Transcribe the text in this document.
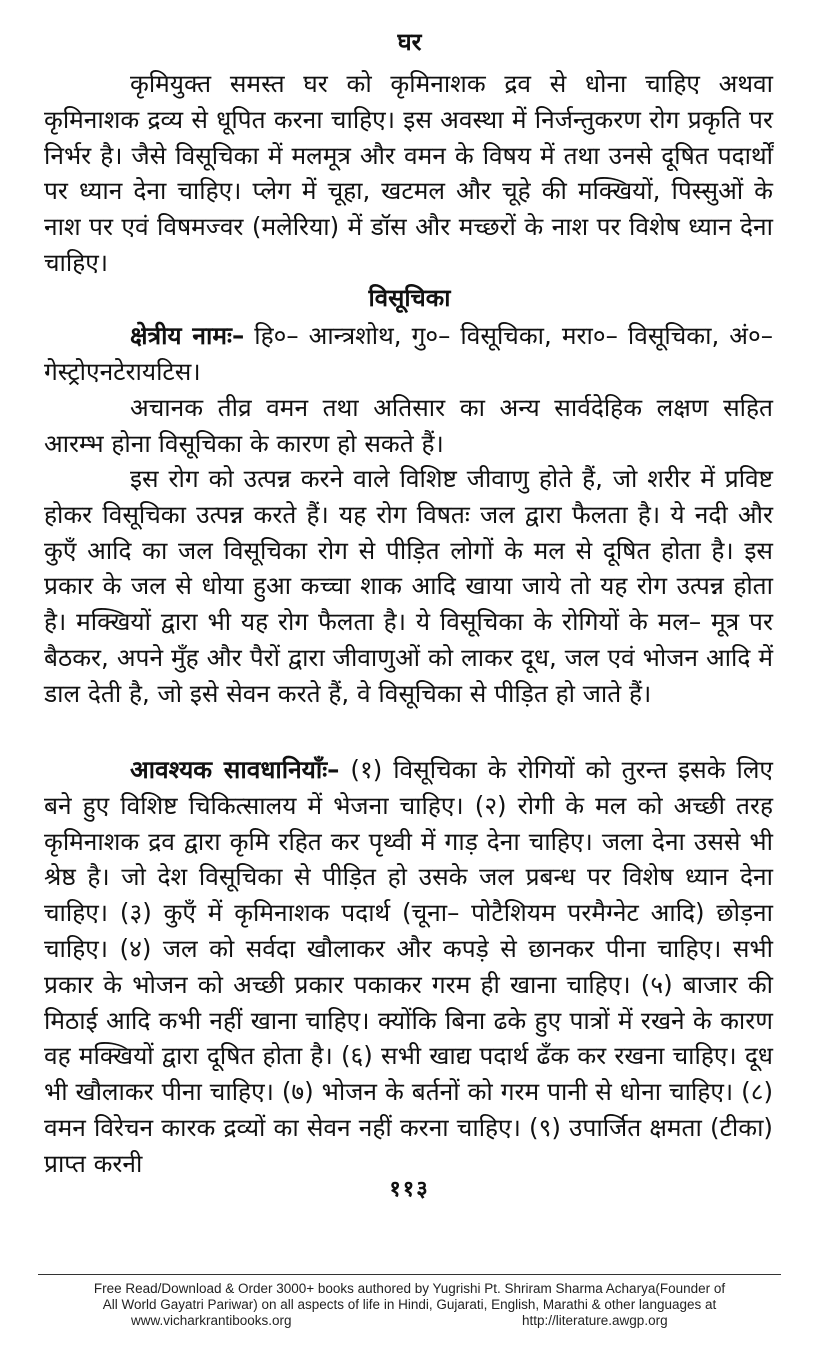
घर

कृमियुक्त समस्त घर को कृमिनाशक द्रव से धोना चाहिए अथवा कृमिनाशक द्रव्य से धूपित करना चाहिए। इस अवस्था में निर्जन्तुकरण रोग प्रकृति पर निर्भर है। जैसे विसूचिका में मलमूत्र और वमन के विषय में तथा उनसे दूषित पदार्थों पर ध्यान देना चाहिए। प्लेग में चूहा, खटमल और चूहे की मक्खियों, पिस्सुओं के नाश पर एवं विषमज्वर (मलेरिया) में डॉस और मच्छरों के नाश पर विशेष ध्यान देना चाहिए।

विसूचिका

क्षेत्रीय नामः– हि०– आन्त्रशोथ, गु०– विसूचिका, मरा०– विसूचिका, अं०– गेस्ट्रोएनटेरायटिस।

अचानक तीव्र वमन तथा अतिसार का अन्य सार्वदेहिक लक्षण सहित आरम्भ होना विसूचिका के कारण हो सकते हैं।

इस रोग को उत्पन्न करने वाले विशिष्ट जीवाणु होते हैं, जो शरीर में प्रविष्ट होकर विसूचिका उत्पन्न करते हैं। यह रोग विषतः जल द्वारा फैलता है। ये नदी और कुएँ आदि का जल विसूचिका रोग से पीड़ित लोगों के मल से दूषित होता है। इस प्रकार के जल से धोया हुआ कच्चा शाक आदि खाया जाये तो यह रोग उत्पन्न होता है। मक्खियों द्वारा भी यह रोग फैलता है। ये विसूचिका के रोगियों के मल– मूत्र पर बैठकर, अपने मुँह और पैरों द्वारा जीवाणुओं को लाकर दूध, जल एवं भोजन आदि में डाल देती है, जो इसे सेवन करते हैं, वे विसूचिका से पीड़ित हो जाते हैं।

आवश्यक सावधानियाँः– (१) विसूचिका के रोगियों को तुरन्त इसके लिए बने हुए विशिष्ट चिकित्सालय में भेजना चाहिए। (२) रोगी के मल को अच्छी तरह कृमिनाशक द्रव द्वारा कृमि रहित कर पृथ्वी में गाड़ देना चाहिए। जला देना उससे भी श्रेष्ठ है। जो देश विसूचिका से पीड़ित हो उसके जल प्रबन्ध पर विशेष ध्यान देना चाहिए। (३) कुएँ में कृमिनाशक पदार्थ (चूना– पोटैशियम परमैग्नेट आदि) छोड़ना चाहिए। (४) जल को सर्वदा खौलाकर और कपड़े से छानकर पीना चाहिए। सभी प्रकार के भोजन को अच्छी प्रकार पकाकर गरम ही खाना चाहिए। (५) बाजार की मिठाई आदि कभी नहीं खाना चाहिए। क्योंकि बिना ढके हुए पात्रों में रखने के कारण वह मक्खियों द्वारा दूषित होता है। (६) सभी खाद्य पदार्थ ढँक कर रखना चाहिए। दूध भी खौलाकर पीना चाहिए। (७) भोजन के बर्तनों को गरम पानी से धोना चाहिए। (८) वमन विरेचन कारक द्रव्यों का सेवन नहीं करना चाहिए। (९) उपार्जित क्षमता (टीका) प्राप्त करनी

११३
Free Read/Download & Order 3000+ books authored by Yugrishi Pt. Shriram Sharma Acharya(Founder of
All World Gayatri Pariwar) on all aspects of life in Hindi, Gujarati, English, Marathi & other languages at
www.vicharkrantibooks.org	http://literature.awgp.org
